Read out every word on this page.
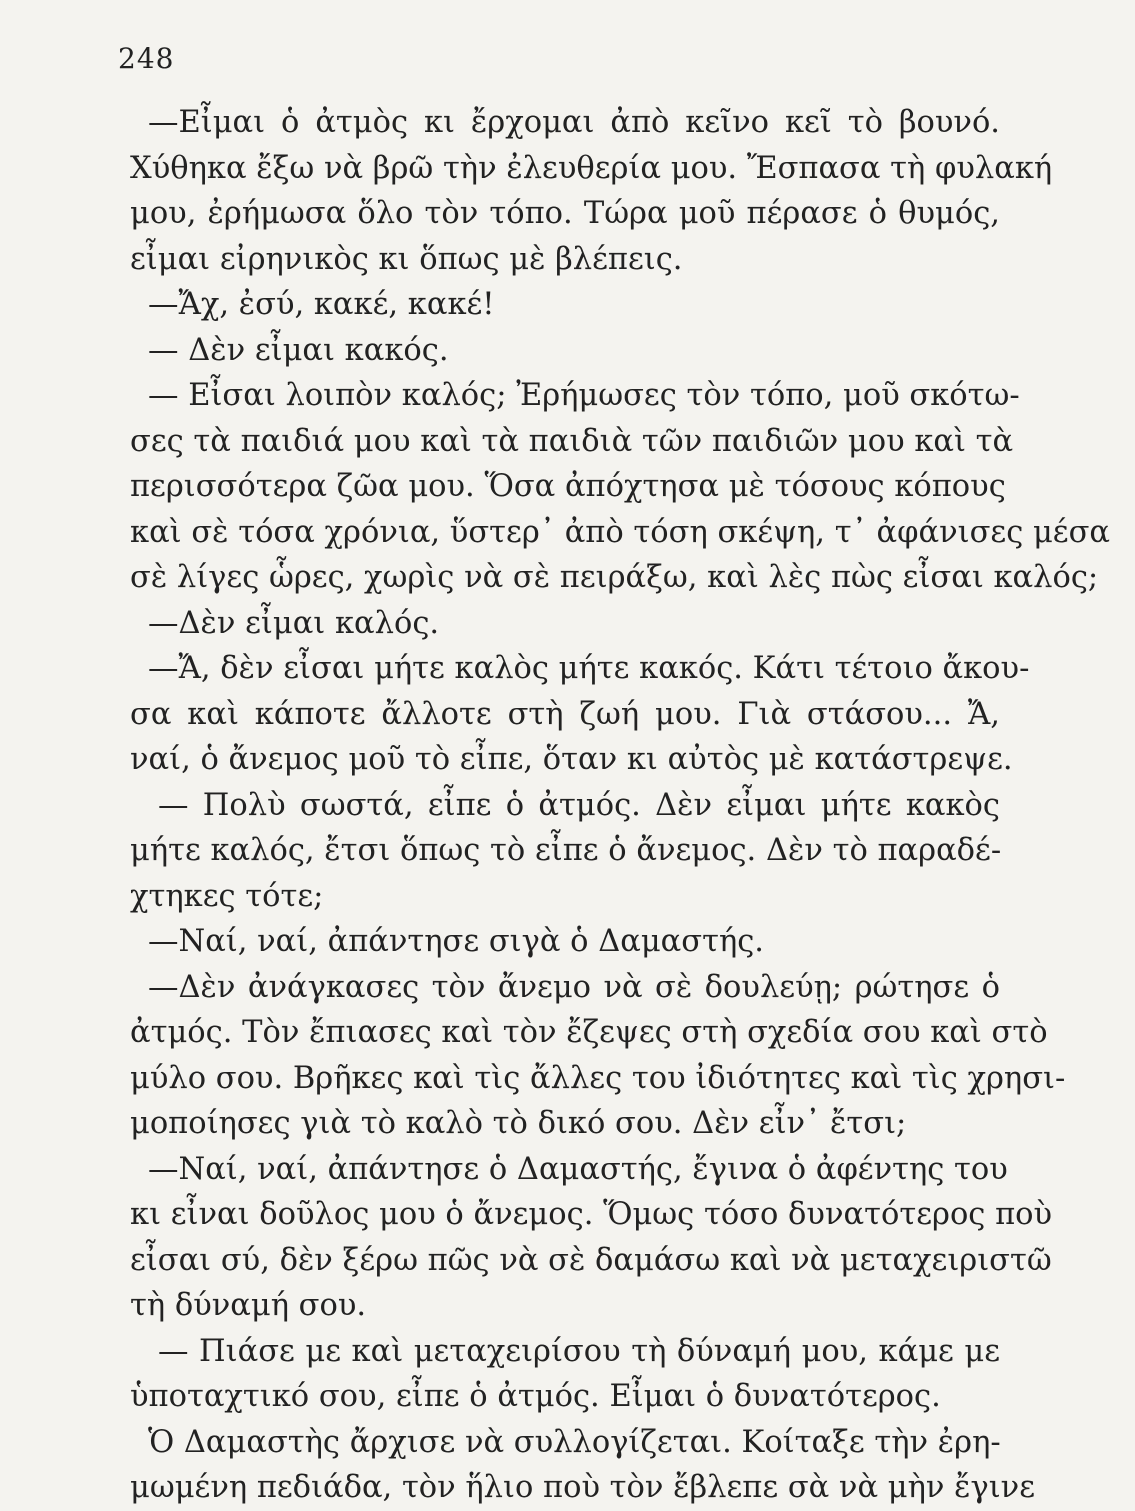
248
—Εἶμαι ὁ ἀτμὸς κι ἔρχομαι ἀπὸ κεῖνο κεῖ τὸ βουνό.
Χύθηκα ἔξω νὰ βρῶ τὴν ἐλευθερία μου. Ἔσπασα τὴ φυλακή
μου, ἐρήμωσα ὅλο τὸν τόπο. Τώρα μοῦ πέρασε ὁ θυμός,
εἶμαι εἰρηνικὸς κι ὅπως μὲ βλέπεις.
—Ἄχ, ἐσύ, κακέ, κακέ!
— Δὲν εἶμαι κακός.
— Εἶσαι λοιπὸν καλός; Ἐρήμωσες τὸν τόπο, μοῦ σκότω-
σες τὰ παιδιά μου καὶ τὰ παιδιὰ τῶν παιδιῶν μου καὶ τὰ
περισσότερα ζῶα μου. Ὅσα ἀπόχτησα μὲ τόσους κόπους
καὶ σὲ τόσα χρόνια, ὕστερ᾽ ἀπὸ τόση σκέψη, τ᾽ ἀφάνισες μέσα
σὲ λίγες ὧρες, χωρὶς νὰ σὲ πειράξω, καὶ λὲς πὼς εἶσαι καλός;
—Δὲν εἶμαι καλός.
—Ἄ, δὲν εἶσαι μήτε καλὸς μήτε κακός. Κάτι τέτοιο ἄκου-
σα καὶ κάποτε ἄλλοτε στὴ ζωή μου. Γιὰ στάσου... Ἄ,
ναί, ὁ ἄνεμος μοῦ τὸ εἶπε, ὅταν κι αὐτὸς μὲ κατάστρεψε.
— Πολὺ σωστά, εἶπε ὁ ἀτμός. Δὲν εἶμαι μήτε κακὸς
μήτε καλός, ἔτσι ὅπως τὸ εἶπε ὁ ἄνεμος. Δὲν τὸ παραδέ-
χτηκες τότε;
—Ναί, ναί, ἀπάντησε σιγὰ ὁ Δαμαστής.
—Δὲν ἀνάγκασες τὸν ἄνεμο νὰ σὲ δουλεύῃ; ρώτησε ὁ
ἀτμός. Τὸν ἔπιασες καὶ τὸν ἔζεψες στὴ σχεδία σου καὶ στὸ
μύλο σου. Βρῆκες καὶ τὶς ἄλλες του ἰδιότητες καὶ τὶς χρησι-
μοποίησες γιὰ τὸ καλὸ τὸ δικό σου. Δὲν εἶν᾽ ἔτσι;
—Ναί, ναί, ἀπάντησε ὁ Δαμαστής, ἔγινα ὁ ἀφέντης του
κι εἶναι δοῦλος μου ὁ ἄνεμος. Ὅμως τόσο δυνατότερος ποὺ
εἶσαι σύ, δὲν ξέρω πῶς νὰ σὲ δαμάσω καὶ νὰ μεταχειριστῶ
τὴ δύναμή σου.
— Πιάσε με καὶ μεταχειρίσου τὴ δύναμή μου, κάμε με
ὑποταχτικό σου, εἶπε ὁ ἀτμός. Εἶμαι ὁ δυνατότερος.
Ὁ Δαμαστὴς ἄρχισε νὰ συλλογίζεται. Κοίταξε τὴν ἐρη-
μωμένη πεδιάδα, τὸν ἥλιο ποὺ τὸν ἔβλεπε σὰ νὰ μὴν ἔγινε
